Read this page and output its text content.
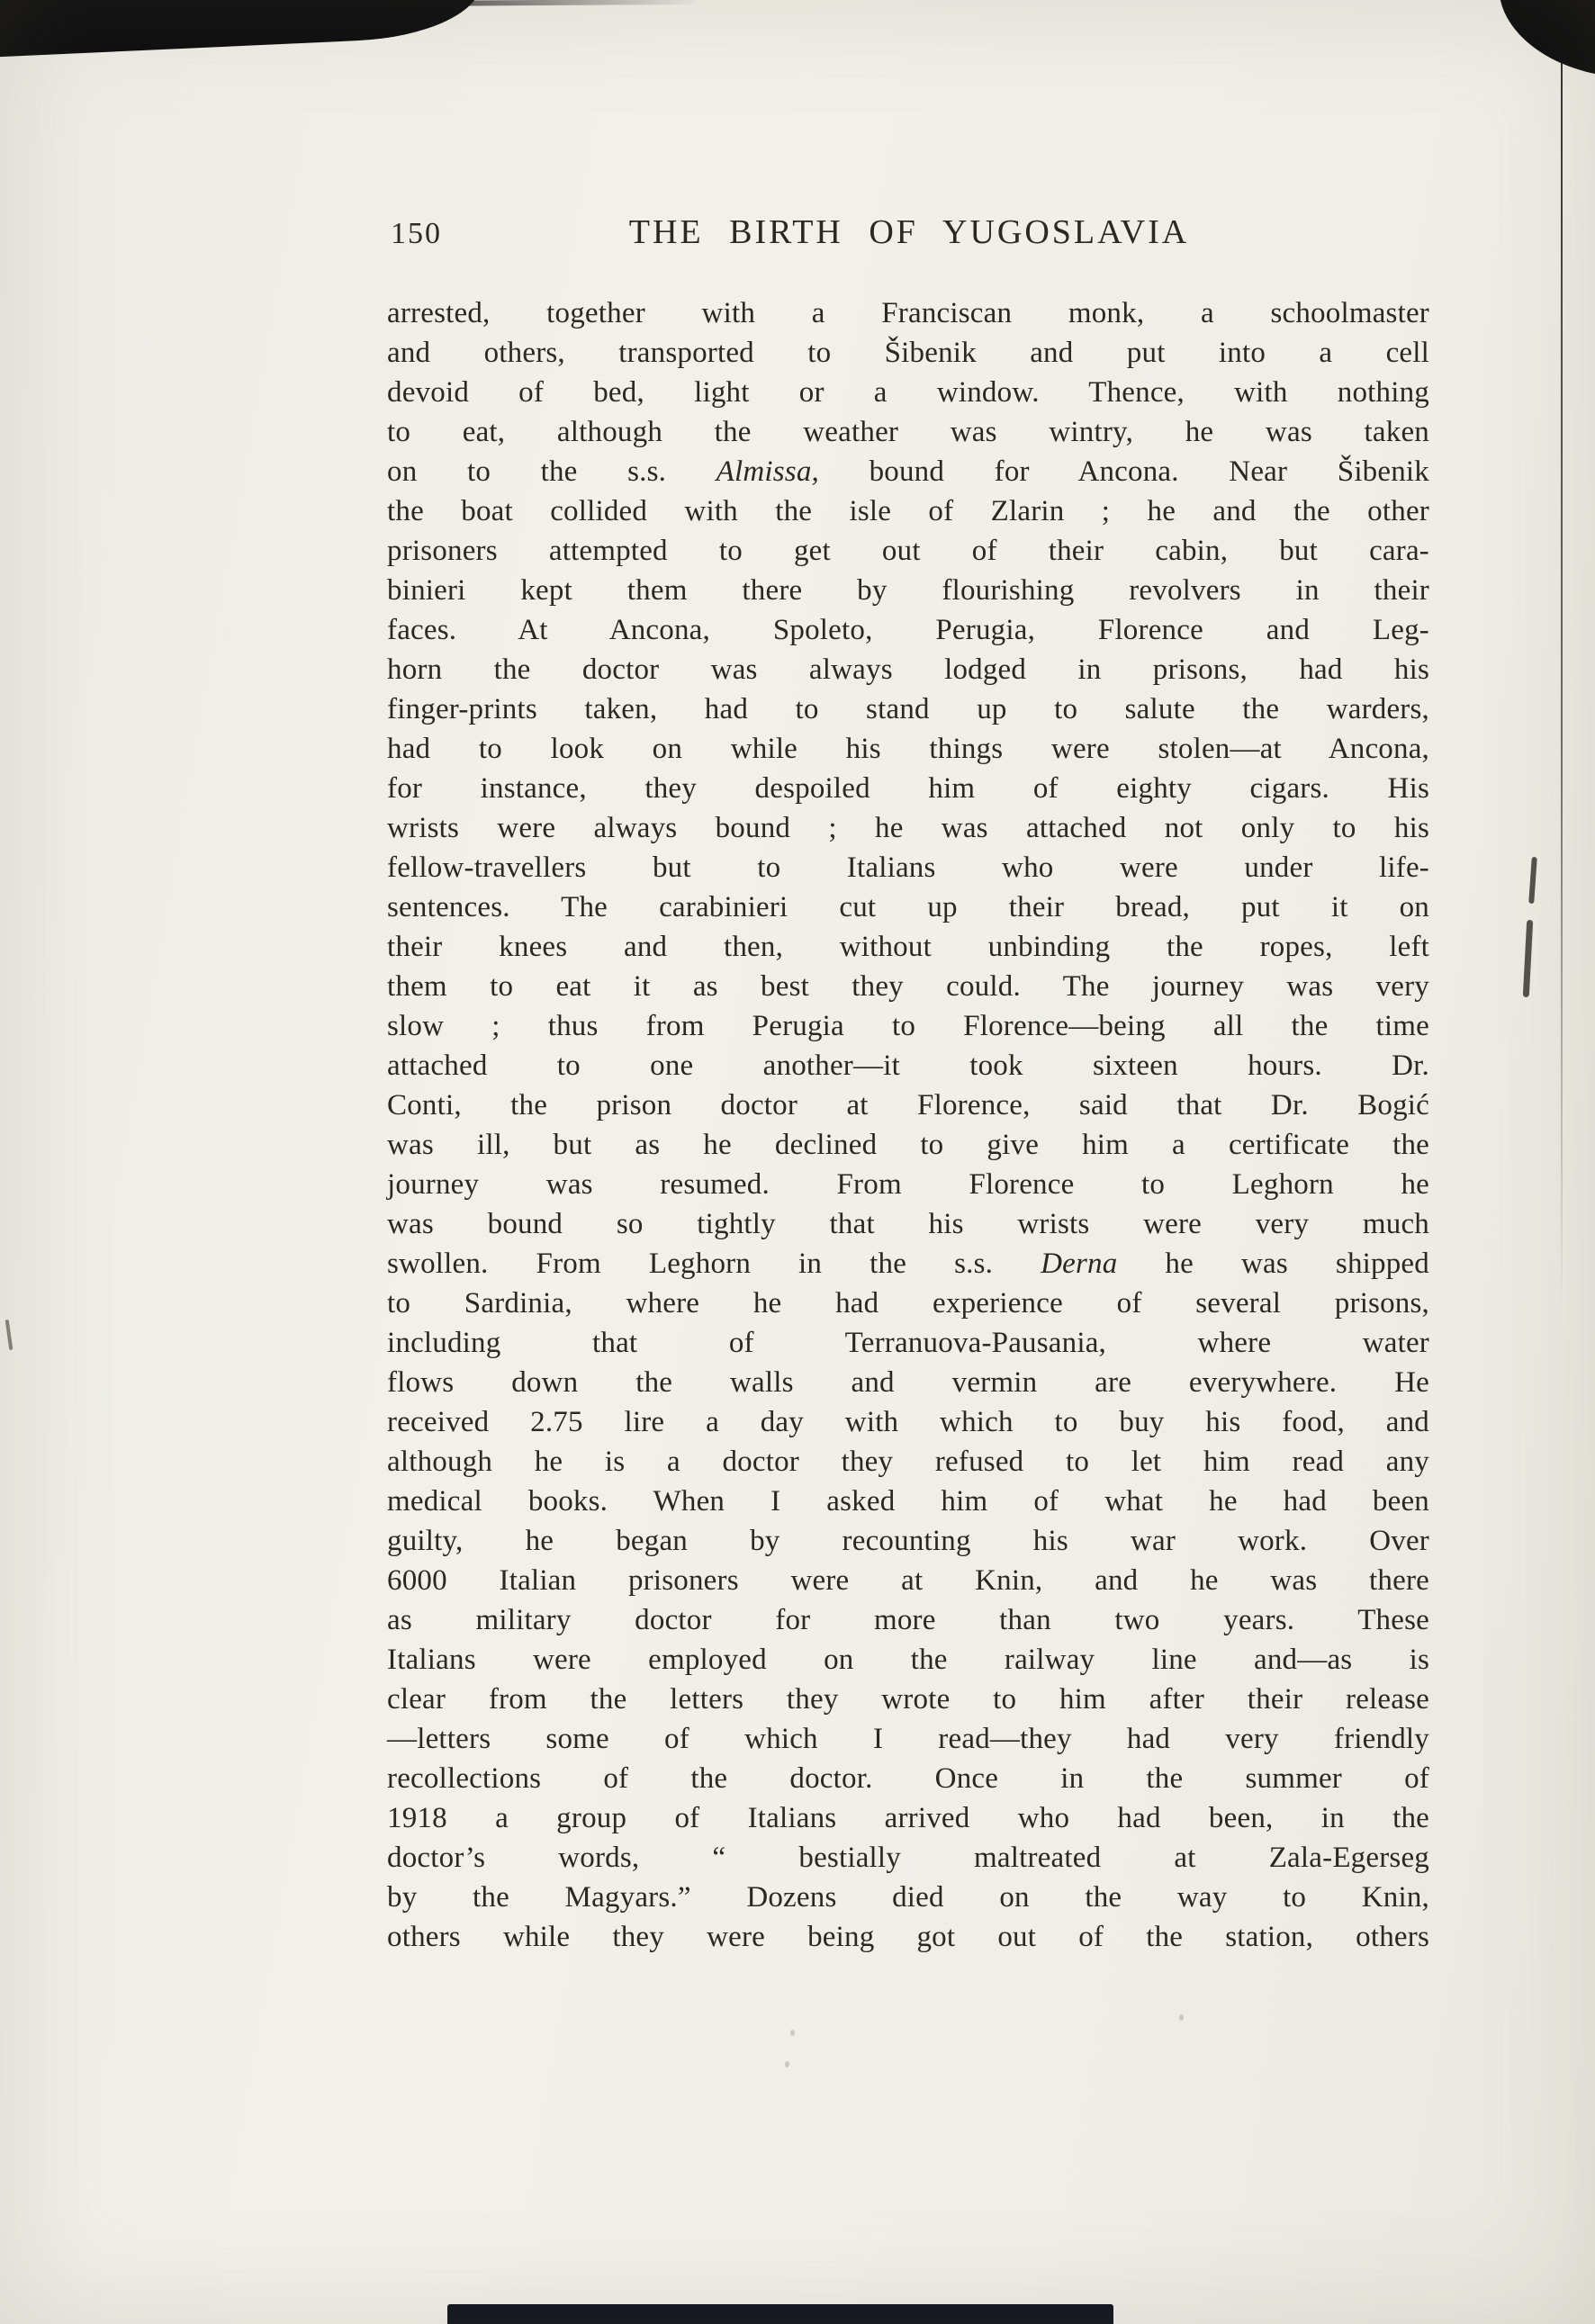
150	THE BIRTH OF YUGOSLAVIA
arrested, together with a Franciscan monk, a schoolmaster
and others, transported to Šibenik and put into a cell
devoid of bed, light or a window. Thence, with nothing
to eat, although the weather was wintry, he was taken
on to the s.s. Almissa, bound for Ancona. Near Šibenik
the boat collided with the isle of Zlarin ; he and the other
prisoners attempted to get out of their cabin, but cara-
binieri kept them there by flourishing revolvers in their
faces. At Ancona, Spoleto, Perugia, Florence and Leg-
horn the doctor was always lodged in prisons, had his
finger-prints taken, had to stand up to salute the warders,
had to look on while his things were stolen—at Ancona,
for instance, they despoiled him of eighty cigars. His
wrists were always bound ; he was attached not only to his
fellow-travellers but to Italians who were under life-
sentences. The carabinieri cut up their bread, put it on
their knees and then, without unbinding the ropes, left
them to eat it as best they could. The journey was very
slow ; thus from Perugia to Florence—being all the time
attached to one another—it took sixteen hours. Dr.
Conti, the prison doctor at Florence, said that Dr. Bogić
was ill, but as he declined to give him a certificate the
journey was resumed. From Florence to Leghorn he
was bound so tightly that his wrists were very much
swollen. From Leghorn in the s.s. Derna he was shipped
to Sardinia, where he had experience of several prisons,
including that of Terranuova-Pausania, where water
flows down the walls and vermin are everywhere. He
received 2.75 lire a day with which to buy his food, and
although he is a doctor they refused to let him read any
medical books. When I asked him of what he had been
guilty, he began by recounting his war work. Over
6000 Italian prisoners were at Knin, and he was there
as military doctor for more than two years. These
Italians were employed on the railway line and—as is
clear from the letters they wrote to him after their release
—letters some of which I read—they had very friendly
recollections of the doctor. Once in the summer of
1918 a group of Italians arrived who had been, in the
doctor’s words, “ bestially maltreated at Zala-Egerseg
by the Magyars.” Dozens died on the way to Knin,
others while they were being got out of the station, others
